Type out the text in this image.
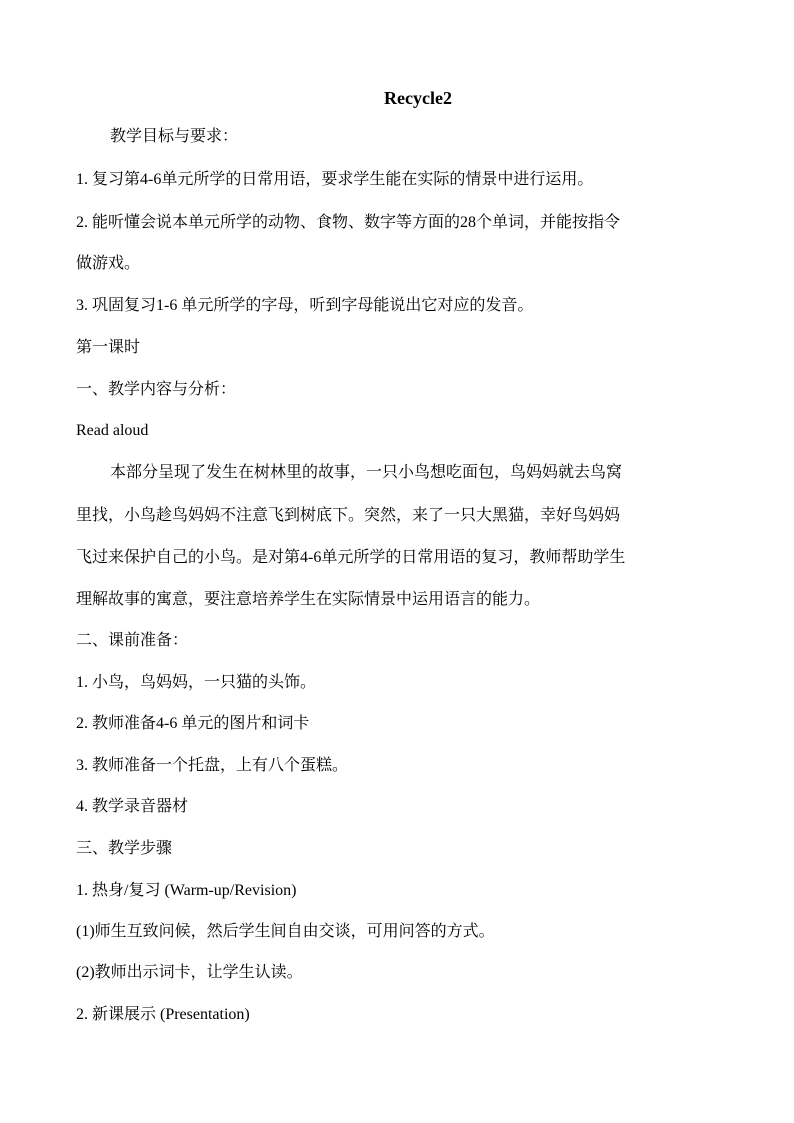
Recycle2
教学目标与要求：
1. 复习第4-6单元所学的日常用语，要求学生能在实际的情景中进行运用。
2. 能听懂会说本单元所学的动物、食物、数字等方面的28个单词，并能按指令
做游戏。
3. 巩固复习1-6 单元所学的字母，听到字母能说出它对应的发音。
第一课时
一、教学内容与分析：
Read aloud
本部分呈现了发生在树林里的故事，一只小鸟想吃面包，鸟妈妈就去鸟窝
里找，小鸟趁鸟妈妈不注意飞到树底下。突然，来了一只大黑猫，幸好鸟妈妈
飞过来保护自己的小鸟。是对第4-6单元所学的日常用语的复习，教师帮助学生
理解故事的寓意，要注意培养学生在实际情景中运用语言的能力。
二、课前准备：
1. 小鸟，鸟妈妈，一只猫的头饰。
2. 教师准备4-6 单元的图片和词卡
3. 教师准备一个托盘，上有八个蛋糕。
4. 教学录音器材
三、教学步骤
1. 热身/复习 (Warm-up/Revision)
(1)师生互致问候，然后学生间自由交谈，可用问答的方式。
(2)教师出示词卡，让学生认读。
2. 新课展示 (Presentation)
